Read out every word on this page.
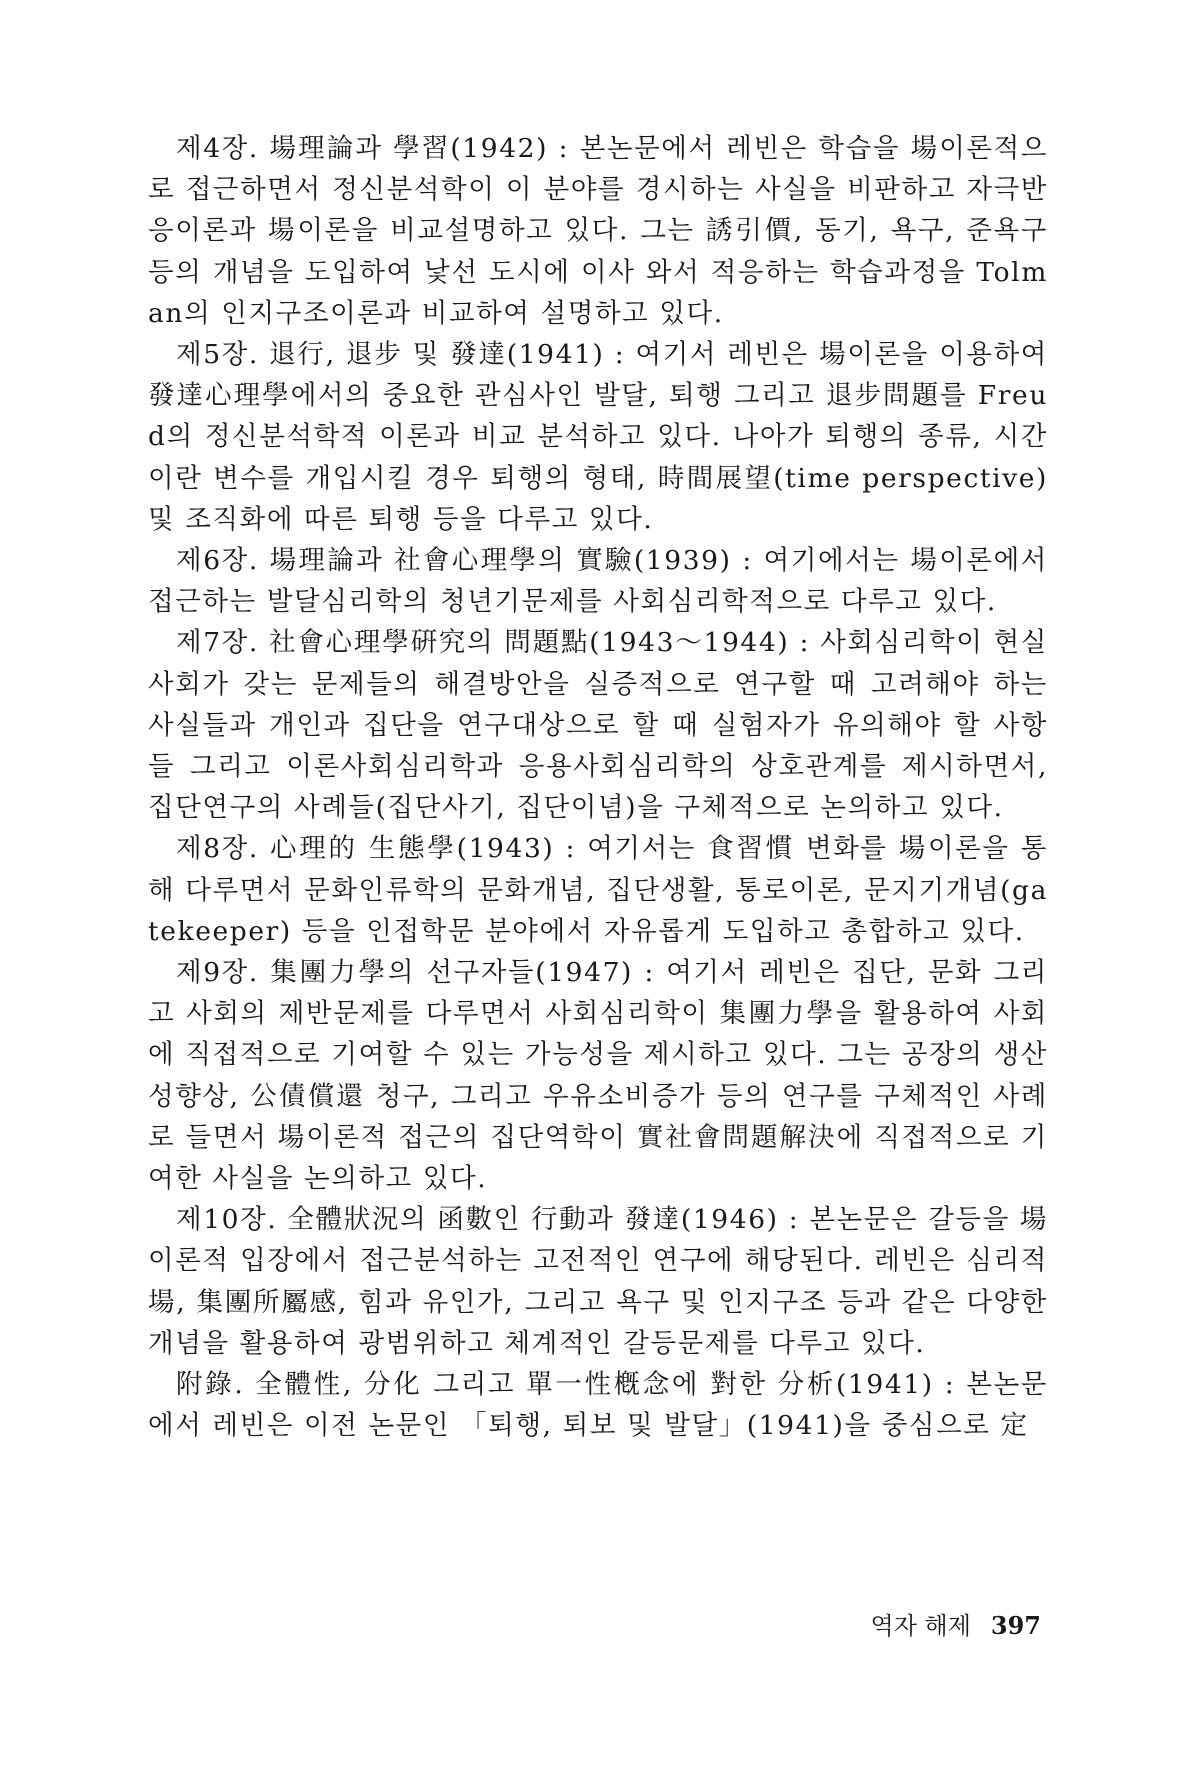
제4장. 場理論과 學習(1942) : 본논문에서 레빈은 학습을 場이론적으로 접근하면서 정신분석학이 이 분야를 경시하는 사실을 비판하고 자극반응이론과 場이론을 비교설명하고 있다. 그는 誘引價, 동기, 욕구, 준욕구 등의 개념을 도입하여 낯선 도시에 이사 와서 적응하는 학습과정을 Tolman의 인지구조이론과 비교하여 설명하고 있다.

제5장. 退行, 退步 및 發達(1941) : 여기서 레빈은 場이론을 이용하여 發達心理學에서의 중요한 관심사인 발달, 퇴행 그리고 退步問題를 Freud의 정신분석학적 이론과 비교 분석하고 있다. 나아가 퇴행의 종류, 시간이란 변수를 개입시킬 경우 퇴행의 형태, 時間展望(time perspective) 및 조직화에 따른 퇴행 등을 다루고 있다.

제6장. 場理論과 社會心理學의 實驗(1939) : 여기에서는 場이론에서 접근하는 발달심리학의 청년기문제를 사회심리학적으로 다루고 있다.

제7장. 社會心理學硏究의 問題點(1943～1944) : 사회심리학이 현실사회가 갖는 문제들의 해결방안을 실증적으로 연구할 때 고려해야 하는 사실들과 개인과 집단을 연구대상으로 할 때 실험자가 유의해야 할 사항들 그리고 이론사회심리학과 응용사회심리학의 상호관계를 제시하면서, 집단연구의 사례들(집단사기, 집단이념)을 구체적으로 논의하고 있다.

제8장. 心理的 生態學(1943) : 여기서는 食習慣 변화를 場이론을 통해 다루면서 문화인류학의 문화개념, 집단생활, 통로이론, 문지기개념(gatekeeper) 등을 인접학문 분야에서 자유롭게 도입하고 총합하고 있다.

제9장. 集團力學의 선구자들(1947) : 여기서 레빈은 집단, 문화 그리고 사회의 제반문제를 다루면서 사회심리학이 集團力學을 활용하여 사회에 직접적으로 기여할 수 있는 가능성을 제시하고 있다. 그는 공장의 생산성향상, 公債償還 청구, 그리고 우유소비증가 등의 연구를 구체적인 사례로 들면서 場이론적 접근의 집단역학이 實社會問題解決에 직접적으로 기여한 사실을 논의하고 있다.

제10장. 全體狀況의 函數인 行動과 發達(1946) : 본논문은 갈등을 場이론적 입장에서 접근분석하는 고전적인 연구에 해당된다. 레빈은 심리적 場, 集團所屬感, 힘과 유인가, 그리고 욕구 및 인지구조 등과 같은 다양한 개념을 활용하여 광범위하고 체계적인 갈등문제를 다루고 있다.

附錄. 全體性, 分化 그리고 單一性槪念에 對한 分析(1941) : 본논문에서 레빈은 이전 논문인 「퇴행, 퇴보 및 발달」(1941)을 중심으로 定

역자 해제 397
